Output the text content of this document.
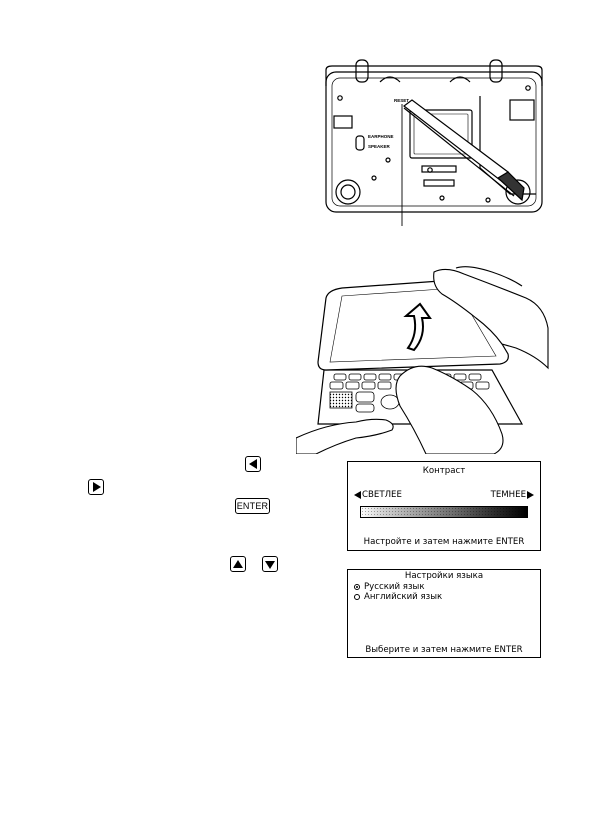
RESET
EARPHONE
SPEAKER
ENTER
Контраст
СВЕТЛЕЕ	ТЕМНЕЕ
Настройте и затем нажмите ENTER
Настройки языка
Русский язык
Английский язык
Выберите и затем нажмите ENTER
